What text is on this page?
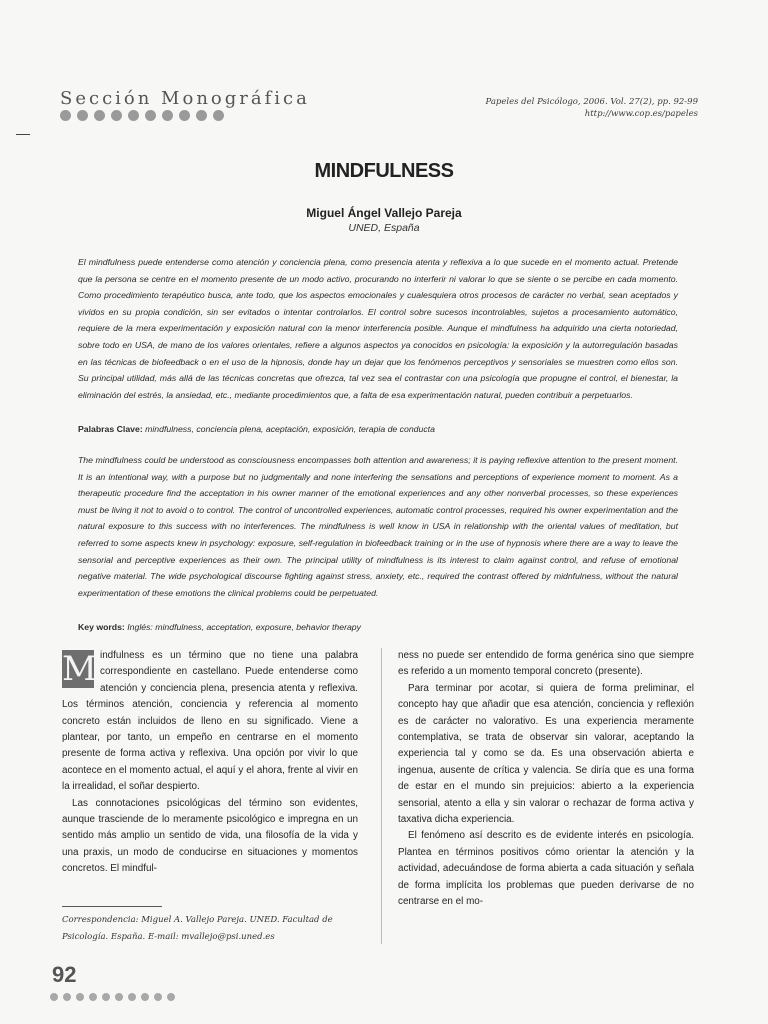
Sección Monográfica	Papeles del Psicólogo, 2006. Vol. 27(2), pp. 92-99
http://www.cop.es/papeles
MINDFULNESS
Miguel Ángel Vallejo Pareja
UNED, España
El mindfulness puede entenderse como atención y conciencia plena, como presencia atenta y reflexiva a lo que sucede en el momento actual. Pretende que la persona se centre en el momento presente de un modo activo, procurando no interferir ni valorar lo que se siente o se percibe en cada momento. Como procedimiento terapéutico busca, ante todo, que los aspectos emocionales y cualesquiera otros procesos de carácter no verbal, sean aceptados y vividos en su propia condición, sin ser evitados o intentar controlarlos. El control sobre sucesos incontrolables, sujetos a procesamiento automático, requiere de la mera experimentación y exposición natural con la menor interferencia posible. Aunque el mindfulness ha adquirido una cierta notoriedad, sobre todo en USA, de mano de los valores orientales, refiere a algunos aspectos ya conocidos en psicología: la exposición y la autorregulación basadas en las técnicas de biofeedback o en el uso de la hipnosis, donde hay un dejar que los fenómenos perceptivos y sensoriales se muestren como ellos son. Su principal utilidad, más allá de las técnicas concretas que ofrezca, tal vez sea el contrastar con una psicología que propugne el control, el bienestar, la eliminación del estrés, la ansiedad, etc., mediante procedimientos que, a falta de esa experimentación natural, pueden contribuir a perpetuarlos.
Palabras Clave: mindfulness, conciencia plena, aceptación, exposición, terapia de conducta
The mindfulness could be understood as consciousness encompasses both attention and awareness; it is paying reflexive attention to the present moment. It is an intentional way, with a purpose but no judgmentally and none interfering the sensations and perceptions of experience moment to moment. As a therapeutic procedure find the acceptation in his owner manner of the emotional experiences and any other nonverbal processes, so these experiences must be living it not to avoid o to control. The control of uncontrolled experiences, automatic control processes, required his owner experimentation and the natural exposure to this success with no interferences. The mindfulness is well know in USA in relationship with the oriental values of meditation, but referred to some aspects knew in psychology: exposure, self-regulation in biofeedback training or in the use of hypnosis where there are a way to leave the sensorial and perceptive experiences as their own. The principal utility of mindfulness is its interest to claim against control, and refuse of emotional negative material. The wide psychological discourse fighting against stress, anxiety, etc., required the contrast offered by midnfulness, without the natural experimentation of these emotions the clinical problems could be perpetuated.
Key words: Inglés: mindfulness, acceptation, exposure, behavior therapy

M indfulness es un término que no tiene una palabra correspondiente en castellano. Puede entenderse como atención y conciencia plena, presencia atenta y reflexiva. Los términos atención, conciencia y referencia al momento concreto están incluidos de lleno en su significado. Viene a plantear, por tanto, un empeño en centrarse en el momento presente de forma activa y reflexiva. Una opción por vivir lo que acontece en el momento actual, el aquí y el ahora, frente al vivir en la irrealidad, el soñar despierto.

Las connotaciones psicológicas del término son evidentes, aunque trasciende de lo meramente psicológico e impregna en un sentido más amplio un sentido de vida, una filosofía de la vida y una praxis, un modo de conducirse en situaciones y momentos concretos. El mindful-

ness no puede ser entendido de forma genérica sino que siempre es referido a un momento temporal concreto (presente).

Para terminar por acotar, si quiera de forma preliminar, el concepto hay que añadir que esa atención, conciencia y reflexión es de carácter no valorativo. Es una experiencia meramente contemplativa, se trata de observar sin valorar, aceptando la experiencia tal y como se da. Es una observación abierta e ingenua, ausente de crítica y valencia. Se diría que es una forma de estar en el mundo sin prejuicios: abierto a la experiencia sensorial, atento a ella y sin valorar o rechazar de forma activa y taxativa dicha experiencia.

El fenómeno así descrito es de evidente interés en psicología. Plantea en términos positivos cómo orientar la atención y la actividad, adecuándose de forma abierta a cada situación y señala de forma implícita los problemas que pueden derivarse de no centrarse en el mo-

Correspondencia: Miguel A. Vallejo Pareja. UNED. Facultad de Psicología. España. E-mail: mvallejo@psi.uned.es
92
